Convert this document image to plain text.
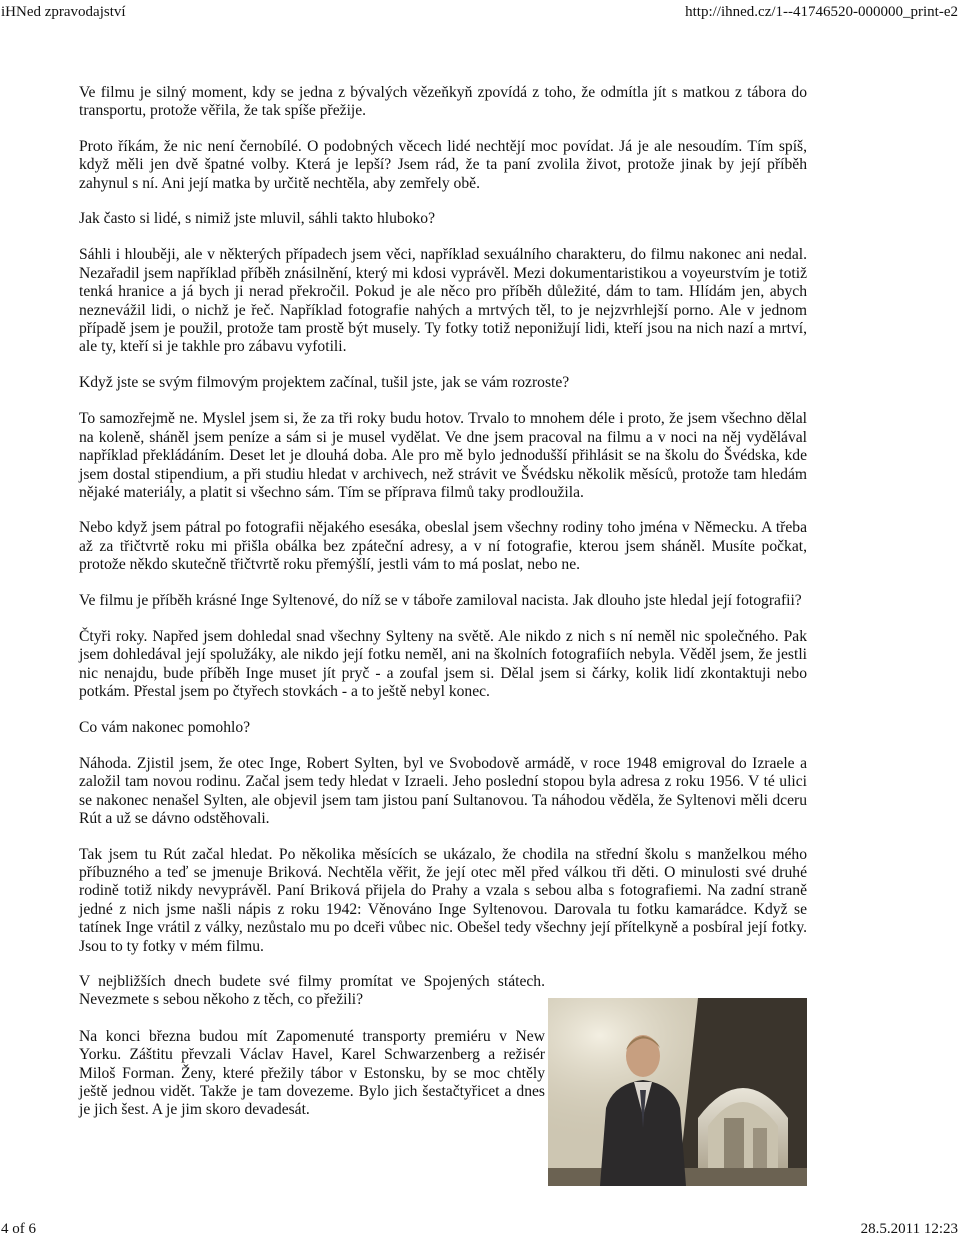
iHNed zpravodajství	http://ihned.cz/1--41746520-000000_print-e2

Ve filmu je silný moment, kdy se jedna z bývalých vězeňkyň zpovídá z toho, že odmítla jít s matkou z tábora do transportu, protože věřila, že tak spíše přežije.

Proto říkám, že nic není černobílé. O podobných věcech lidé nechtějí moc povídat. Já je ale nesoudím. Tím spíš, když měli jen dvě špatné volby. Která je lepší? Jsem rád, že ta paní zvolila život, protože jinak by její příběh zahynul s ní. Ani její matka by určitě nechtěla, aby zemřely obě.

Jak často si lidé, s nimiž jste mluvil, sáhli takto hluboko?

Sáhli i hlouběji, ale v některých případech jsem věci, například sexuálního charakteru, do filmu nakonec ani nedal. Nezařadil jsem například příběh znásilnění, který mi kdosi vyprávěl. Mezi dokumentaristikou a voyeurstvím je totiž tenká hranice a já bych ji nerad překročil. Pokud je ale něco pro příběh důležité, dám to tam. Hlídám jen, abych nezneváži​l lidi, o nichž je řeč. Například fotografie nahých a mrtvých těl, to je nejzvrhlejší porno. Ale v jednom případě jsem je použil, protože tam prostě být musely. Ty fotky totiž neponižují lidi, kteří jsou na nich nazí a mrtví, ale ty, kteří si je takhle pro zábavu vyfotili.

Když jste se svým filmovým projektem začínal, tušil jste, jak se vám rozroste?

To samozřejmě ne. Myslel jsem si, že za tři roky budu hotov. Trvalo to mnohem déle i proto, že jsem všechno dělal na koleně, sháněl jsem peníze a sám si je musel vydělat. Ve dne jsem pracoval na filmu a v noci na něj vydělával například překládáním. Deset let je dlouhá doba. Ale pro mě bylo jednodušší přihlásit se na školu do Švédska, kde jsem dostal stipendium, a při studiu hledat v archivech, než strávit ve Švédsku několik měsíců, protože tam hledám nějaké materiály, a platit si všechno sám. Tím se příprava filmů taky prodloužila.

Nebo když jsem pátral po fotografii nějakého esesáka, obeslal jsem všechny rodiny toho jména v Německu. A třeba až za třičtvrtě roku mi přišla obálka bez zpáteční adresy, a v ní fotografie, kterou jsem sháněl. Musíte počkat, protože někdo skutečně třičtvrtě roku přemýšlí, jestli vám to má poslat, nebo ne.

Ve filmu je příběh krásné Inge Syltenové, do níž se v táboře zamiloval nacista. Jak dlouho jste hledal její fotografii?

Čtyři roky. Napřed jsem dohledal snad všechny Sylteny na světě. Ale nikdo z nich s ní neměl nic společného. Pak jsem dohledával její spolužáky, ale nikdo její fotku neměl, ani na školních fotografiích nebyla. Věděl jsem, že jestli nic nenajdu, bude příběh Inge muset jít pryč - a zoufal jsem si. Dělal jsem si čárky, kolik lidí zkontaktuji nebo potkám. Přestal jsem po čtyřech stovkách - a to ještě nebyl konec.

Co vám nakonec pomohlo?

Náhoda. Zjistil jsem, že otec Inge, Robert Sylten, byl ve Svobodově armádě, v roce 1948 emigroval do Izraele a založil tam novou rodinu. Začal jsem tedy hledat v Izraeli. Jeho poslední stopou byla adresa z roku 1956. V té ulici se nakonec nenašel Sylten, ale objevil jsem tam jistou paní Sultanovou. Ta náhodou věděla, že Syltenovi měli dceru Rút a už se dávno odstěhovali.

Tak jsem tu Rút začal hledat. Po několika měsících se ukázalo, že chodila na střední školu s manželkou mého příbuzného a teď se jmenuje Briková. Nechtěla věřit, že její otec měl před válkou tři děti. O minulosti své druhé rodině totiž nikdy nevyprávěl. Paní Briková přijela do Prahy a vzala s sebou alba s fotografiemi. Na zadní straně jedné z nich jsme našli nápis z roku 1942: Věnováno Inge Syltenovou. Darovala tu fotku kamarádce. Když se tatínek Inge vrátil z války, nezůstalo mu po dceři vůbec nic. Obešel tedy všechny její přítelkyně a posbíral její fotky. Jsou to ty fotky v mém filmu.

V nejbližších dnech budete své filmy promítat ve Spojených státech. Nevezmete s sebou někoho z těch, co přežili?

Na konci března budou mít Zapomenuté transporty premiéru v New Yorku. Záštitu převzali Václav Havel, Karel Schwarzenberg a režisér Miloš Forman. Ženy, které přežily tábor v Estonsku, by se moc chtěly ještě jednou vidět. Takže je tam dovezeme. Bylo jich šestačtyřicet a dnes je jich šest. A je jim skoro devadesát.

4 of 6	28.5.2011 12:23
